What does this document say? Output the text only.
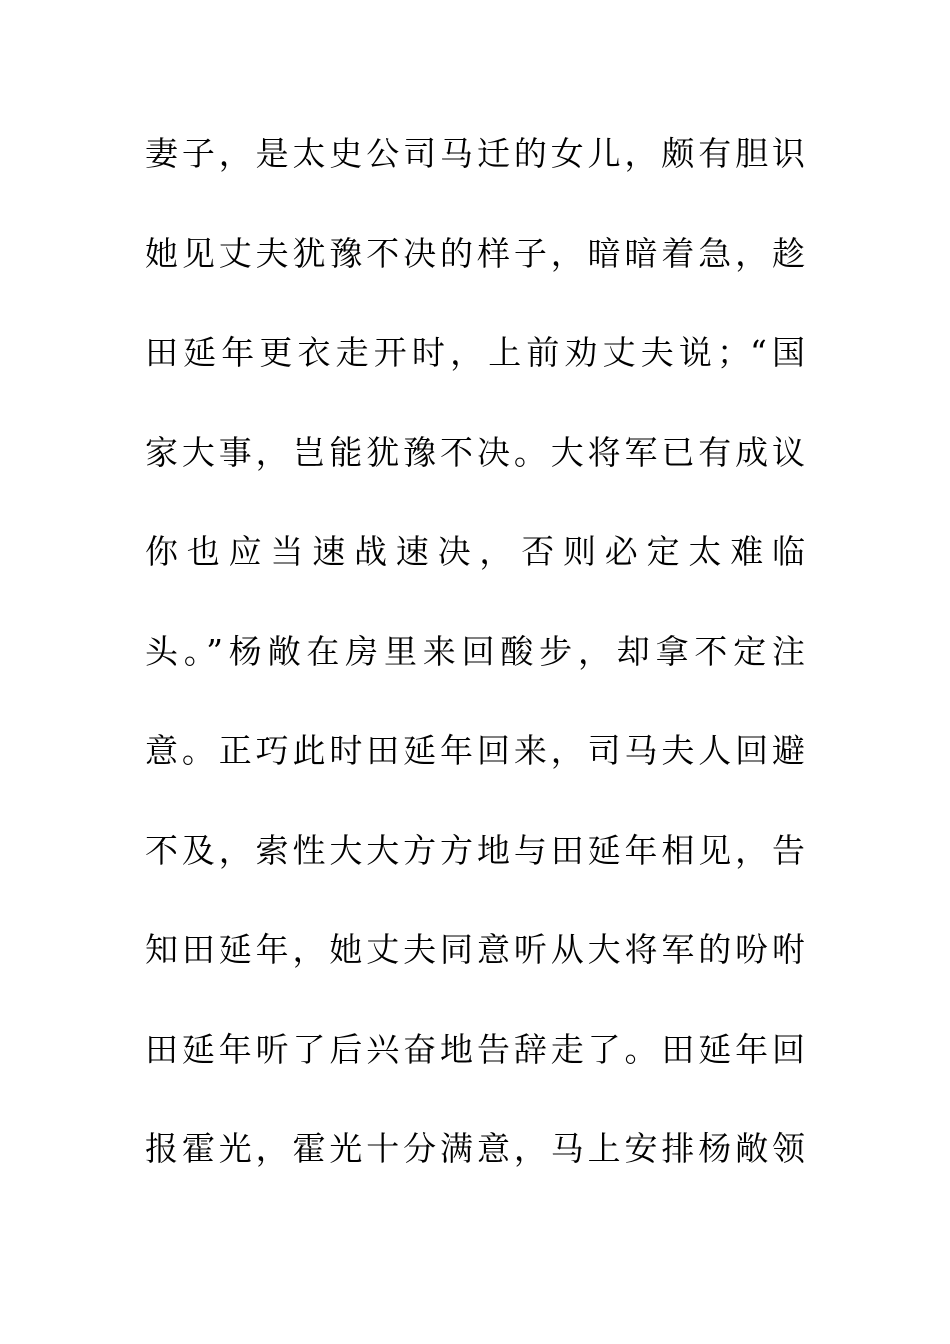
妻子，是太史公司马迁的女儿，颇有胆识
她见丈夫犹豫不决的样子，暗暗着急，趁
田延年更衣走开时，上前劝丈夫说；“国
家大事，岂能犹豫不决。大将军已有成议
你也应当速战速决，否则必定太难临
头。”杨敞在房里来回酸步，却拿不定注
意。正巧此时田延年回来，司马夫人回避
不及，索性大大方方地与田延年相见，告
知田延年，她丈夫同意听从大将军的吩咐
田延年听了后兴奋地告辞走了。田延年回
报霍光，霍光十分满意，马上安排杨敞领
